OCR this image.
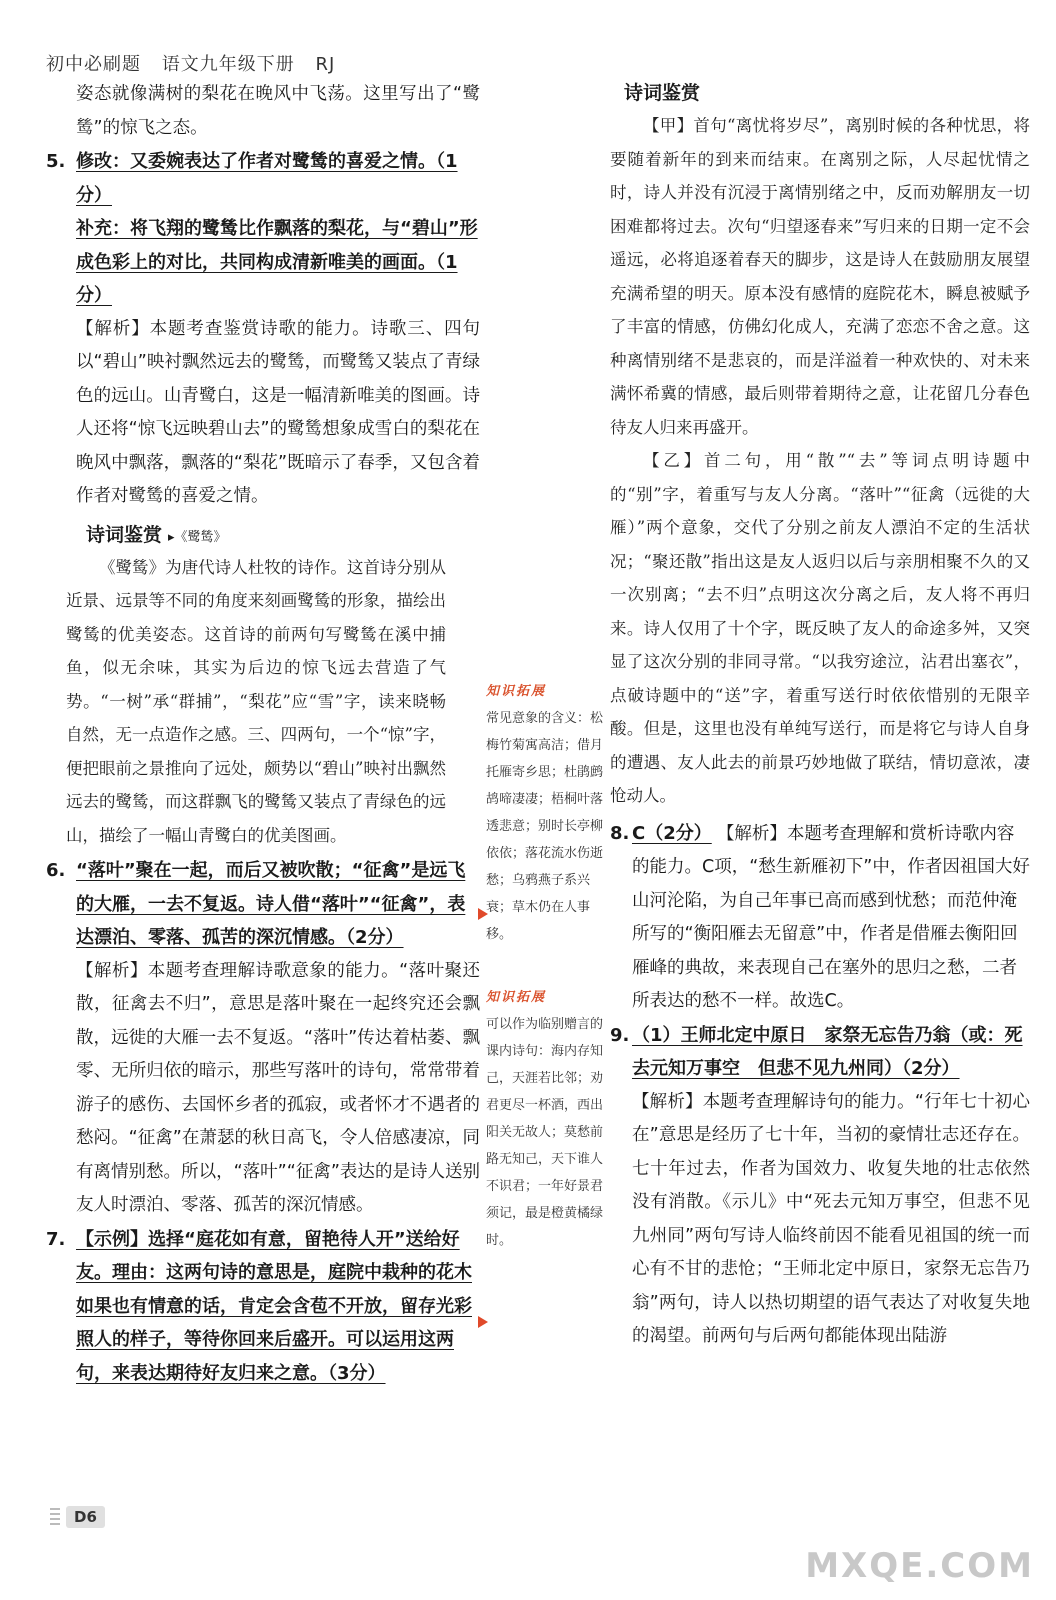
初中必刷题 语文九年级下册 RJ

姿态就像满树的梨花在晚风中飞荡。这里写出了“鹭鸶”的惊飞之态。

5. 修改：又委婉表达了作者对鹭鸶的喜爱之情。（1分）

补充：将飞翔的鹭鸶比作飘落的梨花，与“碧山”形成色彩上的对比，共同构成清新唯美的画面。（1分）

【解析】本题考查鉴赏诗歌的能力。诗歌三、四句以“碧山”映衬飘然远去的鹭鸶，而鹭鸶又装点了青绿色的远山。山青鹭白，这是一幅清新唯美的图画。诗人还将“惊飞远映碧山去”的鹭鸶想象成雪白的梨花在晚风中飘落，飘落的“梨花”既暗示了春季，又包含着作者对鹭鸶的喜爱之情。

诗词鉴赏 ▸《鹭鸶》

《鹭鸶》为唐代诗人杜牧的诗作。这首诗分别从近景、远景等不同的角度来刻画鹭鸶的形象，描绘出鹭鸶的优美姿态。这首诗的前两句写鹭鸶在溪中捕鱼，似无余味，其实为后边的惊飞远去营造了气势。“一树”承“群捕”，“梨花”应“雪”字，读来晓畅自然，无一点造作之感。三、四两句，一个“惊”字，便把眼前之景推向了远处，颇势以“碧山”映衬出飘然远去的鹭鸶，而这群飘飞的鹭鸶又装点了青绿色的远山，描绘了一幅山青鹭白的优美图画。

6. “落叶”聚在一起，而后又被吹散；“征禽”是远飞的大雁，一去不复返。诗人借“落叶”“征禽”，表达漂泊、零落、孤苦的深沉情感。（2分）

【解析】本题考查理解诗歌意象的能力。“落叶聚还散，征禽去不归”，意思是落叶聚在一起终究还会飘散，远徙的大雁一去不复返。“落叶”传达着枯萎、飘零、无所归依的暗示，那些写落叶的诗句，常常带着游子的感伤、去国怀乡者的孤寂，或者怀才不遇者的愁闷。“征禽”在萧瑟的秋日高飞，令人倍感凄凉，同有离情别愁。所以，“落叶”“征禽”表达的是诗人送别友人时漂泊、零落、孤苦的深沉情感。

7. 【示例】选择“庭花如有意，留艳待人开”送给好友。理由：这两句诗的意思是，庭院中栽种的花木如果也有情意的话，肯定会含苞不开放，留存光彩照人的样子，等待你回来后盛开。可以运用这两句，来表达期待好友归来之意。（3分）

知识拓展
常见意象的含义：松梅竹菊寓高洁；借月托雁寄乡思；杜鹃鹧鸪啼凄凄；梧桐叶落透悲意；别时长亭柳依依；落花流水伤逝愁；乌鸦燕子系兴衰；草木仍在人事移。
知识拓展
可以作为临别赠言的课内诗句：海内存知己，天涯若比邻；劝君更尽一杯酒，西出阳关无故人；莫愁前路无知己，天下谁人不识君；一年好景君须记，最是橙黄橘绿时。
诗词鉴赏

【甲】首句“离忧将岁尽”，离别时候的各种忧思，将要随着新年的到来而结束。在离别之际，人尽起忧情之时，诗人并没有沉浸于离情别绪之中，反而劝解朋友一切困难都将过去。次句“归望逐春来”写归来的日期一定不会遥远，必将追逐着春天的脚步，这是诗人在鼓励朋友展望充满希望的明天。原本没有感情的庭院花木，瞬息被赋予了丰富的情感，仿佛幻化成人，充满了恋恋不舍之意。这种离情别绪不是悲哀的，而是洋溢着一种欢快的、对未来满怀希冀的情感，最后则带着期待之意，让花留几分春色待友人归来再盛开。

【乙】首二句，用“散”“去”等词点明诗题中的“别”字，着重写与友人分离。“落叶”“征禽（远徙的大雁）”两个意象，交代了分别之前友人漂泊不定的生活状况；“聚还散”指出这是友人返归以后与亲朋相聚不久的又一次别离；“去不归”点明这次分离之后，友人将不再归来。诗人仅用了十个字，既反映了友人的命途多舛，又突显了这次分别的非同寻常。“以我穷途泣，沾君出塞衣”，点破诗题中的“送”字，着重写送行时依依惜别的无限辛酸。但是，这里也没有单纯写送行，而是将它与诗人自身的遭遇、友人此去的前景巧妙地做了联结，情切意浓，凄怆动人。

8. C（2分） 【解析】本题考查理解和赏析诗歌内容的能力。C项，“愁生新雁初下”中，作者因祖国大好山河沦陷，为自己年事已高而感到忧愁；而范仲淹所写的“衡阳雁去无留意”中，作者是借雁去衡阳回雁峰的典故，来表现自己在塞外的思归之愁，二者所表达的愁不一样。故选C。
9. （1）王师北定中原日　家祭无忘告乃翁（或：死去元知万事空　但悲不见九州同）（2分）

【解析】本题考查理解诗句的能力。“行年七十初心在”意思是经历了七十年，当初的豪情壮志还存在。七十年过去，作者为国效力、收复失地的壮志依然没有消散。《示儿》中“死去元知万事空，但悲不见九州同”两句写诗人临终前因不能看见祖国的统一而心有不甘的悲怆；“王师北定中原日，家祭无忘告乃翁”两句，诗人以热切期望的语气表达了对收复失地的渴望。前两句与后两句都能体现出陆游

D6
MXQE.COM
